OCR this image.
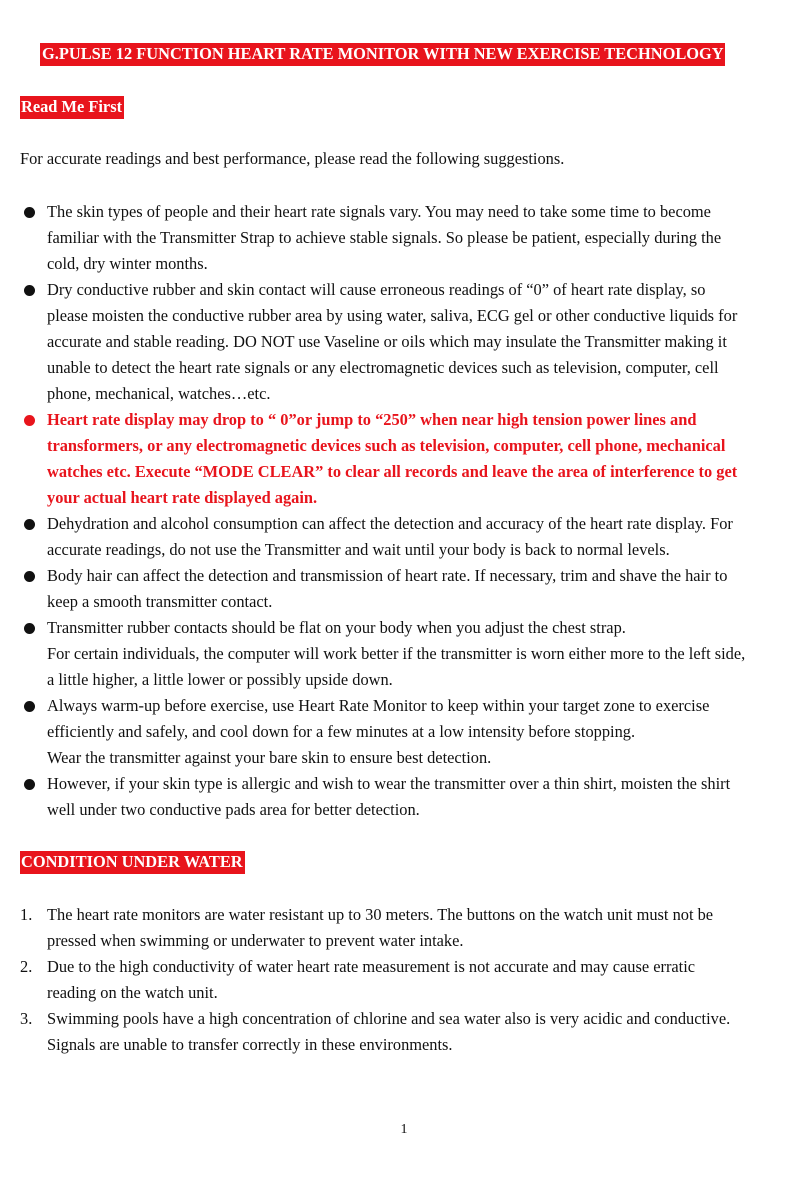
G.PULSE 12 FUNCTION HEART RATE MONITOR WITH NEW EXERCISE TECHNOLOGY
Read Me First
For accurate readings and best performance, please read the following suggestions.
The skin types of people and their heart rate signals vary. You may need to take some time to become
familiar with the Transmitter Strap to achieve stable signals. So please be patient, especially during the
cold, dry winter months.
Dry conductive rubber and skin contact will cause erroneous readings of “0” of heart rate display, so
please moisten the conductive rubber area by using water, saliva, ECG gel or other conductive liquids for
accurate and stable reading. DO NOT use Vaseline or oils which may insulate the Transmitter making it
unable to detect the heart rate signals or any electromagnetic devices such as television, computer, cell
phone, mechanical, watches…etc.
Heart rate display may drop to “ 0”or jump to “250” when near high tension power lines and
transformers, or any electromagnetic devices such as television, computer, cell phone, mechanical
watches etc. Execute “MODE CLEAR” to clear all records and leave the area of interference to get
your actual heart rate displayed again.
Dehydration and alcohol consumption can affect the detection and accuracy of the heart rate display. For
accurate readings, do not use the Transmitter and wait until your body is back to normal levels.
Body hair can affect the detection and transmission of heart rate. If necessary, trim and shave the hair to
keep a smooth transmitter contact.
Transmitter rubber contacts should be flat on your body when you adjust the chest strap.
For certain individuals, the computer will work better if the transmitter is worn either more to the left side,
a little higher, a little lower or possibly upside down.
Always warm-up before exercise, use Heart Rate Monitor to keep within your target zone to exercise
efficiently and safely, and cool down for a few minutes at a low intensity before stopping.
Wear the transmitter against your bare skin to ensure best detection.
However, if your skin type is allergic and wish to wear the transmitter over a thin shirt, moisten the shirt
well under two conductive pads area for better detection.
CONDITION UNDER WATER
1. The heart rate monitors are water resistant up to 30 meters. The buttons on the watch unit must not be
pressed when swimming or underwater to prevent water intake.
2. Due to the high conductivity of water heart rate measurement is not accurate and may cause erratic
reading on the watch unit.
3. Swimming pools have a high concentration of chlorine and sea water also is very acidic and conductive.
Signals are unable to transfer correctly in these environments.
1
